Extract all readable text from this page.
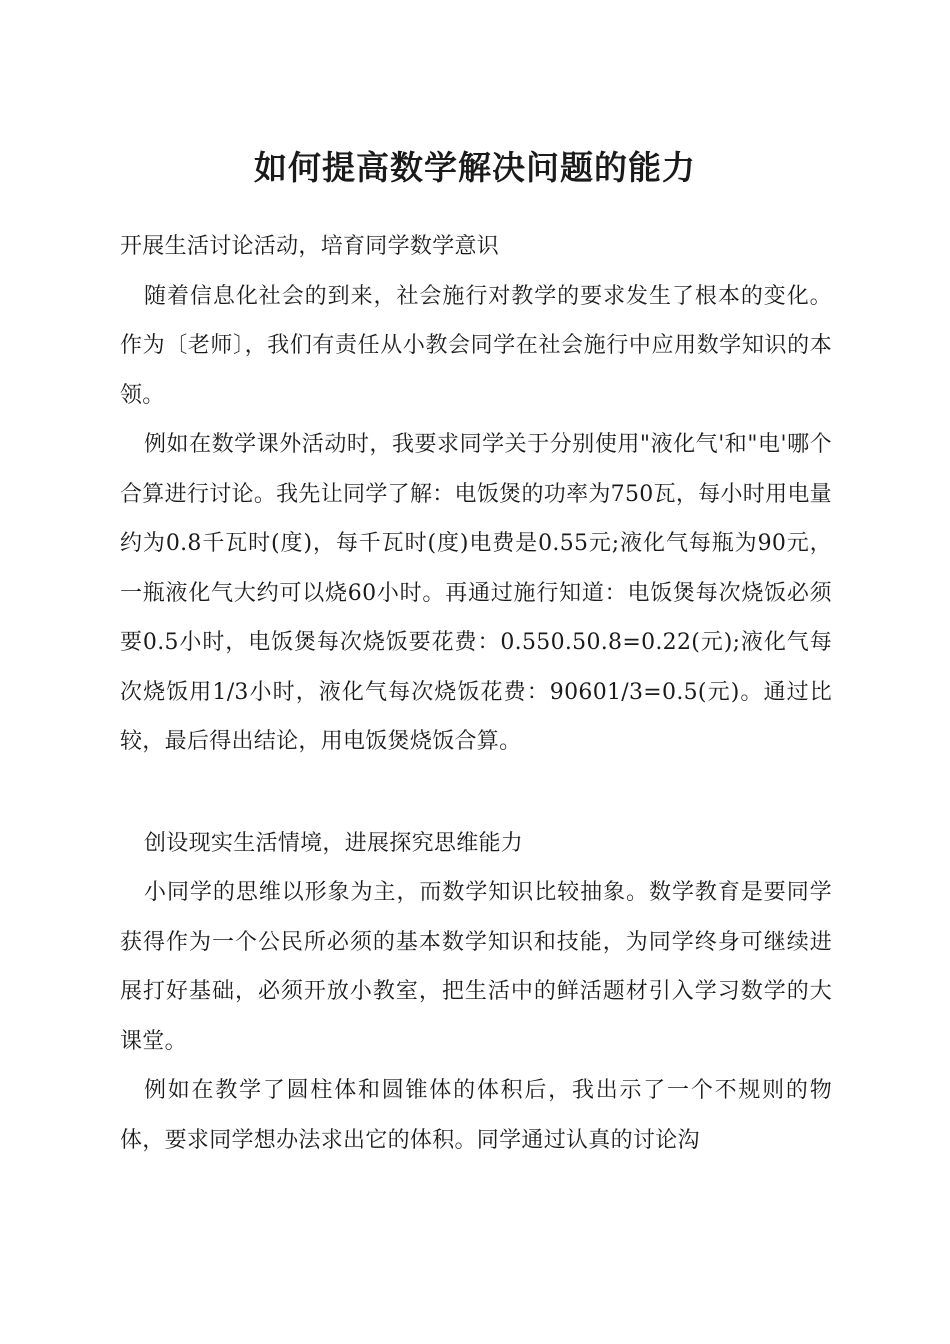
如何提高数学解决问题的能力

开展生活讨论活动，培育同学数学意识

随着信息化社会的到来，社会施行对教学的要求发生了根本的变化。作为〔老师〕，我们有责任从小教会同学在社会施行中应用数学知识的本领。

例如在数学课外活动时，我要求同学关于分别使用"液化气'和"电'哪个合算进行讨论。我先让同学了解：电饭煲的功率为750瓦，每小时用电量约为0.8千瓦时(度)，每千瓦时(度)电费是0.55元;液化气每瓶为90元，一瓶液化气大约可以烧60小时。再通过施行知道：电饭煲每次烧饭必须要0.5小时，电饭煲每次烧饭要花费：0.550.50.8=0.22(元);液化气每次烧饭用1/3小时，液化气每次烧饭花费：90601/3=0.5(元)。通过比较，最后得出结论，用电饭煲烧饭合算。

创设现实生活情境，进展探究思维能力

小同学的思维以形象为主，而数学知识比较抽象。数学教育是要同学获得作为一个公民所必须的基本数学知识和技能，为同学终身可继续进展打好基础，必须开放小教室，把生活中的鲜活题材引入学习数学的大课堂。

例如在教学了圆柱体和圆锥体的体积后，我出示了一个不规则的物体，要求同学想办法求出它的体积。同学通过认真的讨论沟
